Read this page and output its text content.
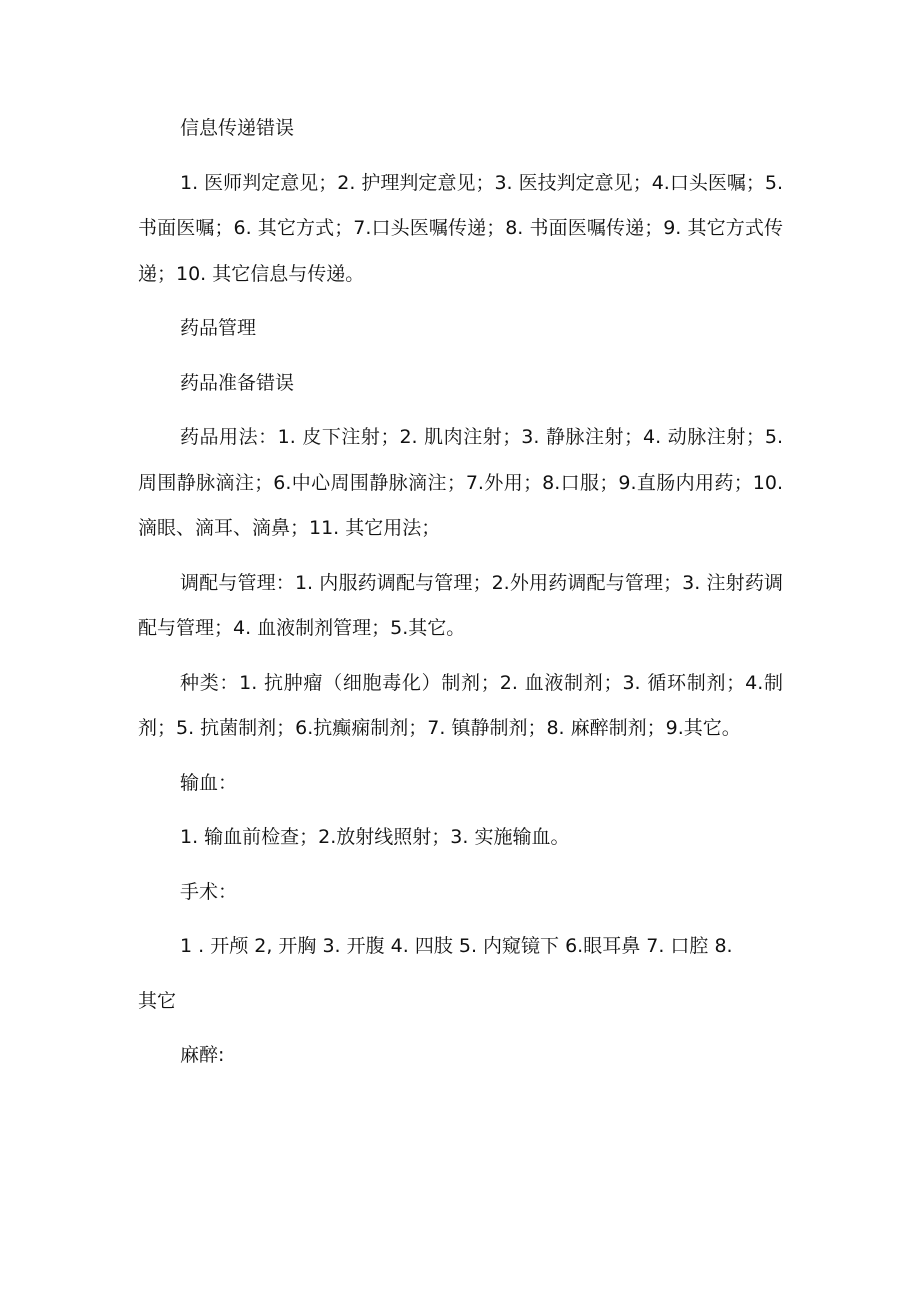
信息传递错误

1. 医师判定意见；2. 护理判定意见；3. 医技判定意见；4.口头医嘱；5. 书面医嘱；6. 其它方式；7.口头医嘱传递；8. 书面医嘱传递；9. 其它方式传递；10. 其它信息与传递。

药品管理

药品准备错误

药品用法：1. 皮下注射；2. 肌肉注射；3. 静脉注射；4. 动脉注射；5. 周围静脉滴注；6.中心周围静脉滴注；7.外用；8.口服；9.直肠内用药；10.滴眼、滴耳、滴鼻；11. 其它用法；

调配与管理：1. 内服药调配与管理；2.外用药调配与管理；3. 注射药调配与管理；4. 血液制剂管理；5.其它。

种类：1. 抗肿瘤（细胞毒化）制剂；2. 血液制剂；3. 循环制剂；4.制剂；5. 抗菌制剂；6.抗癫痫制剂；7. 镇静制剂；8. 麻醉制剂；9.其它。

输血：

1. 输血前检查；2.放射线照射；3. 实施输血。

手术：

1 . 开颅 2, 开胸 3. 开腹 4. 四肢 5. 内窥镜下 6.眼耳鼻 7. 口腔 8.

其它

麻醉:
